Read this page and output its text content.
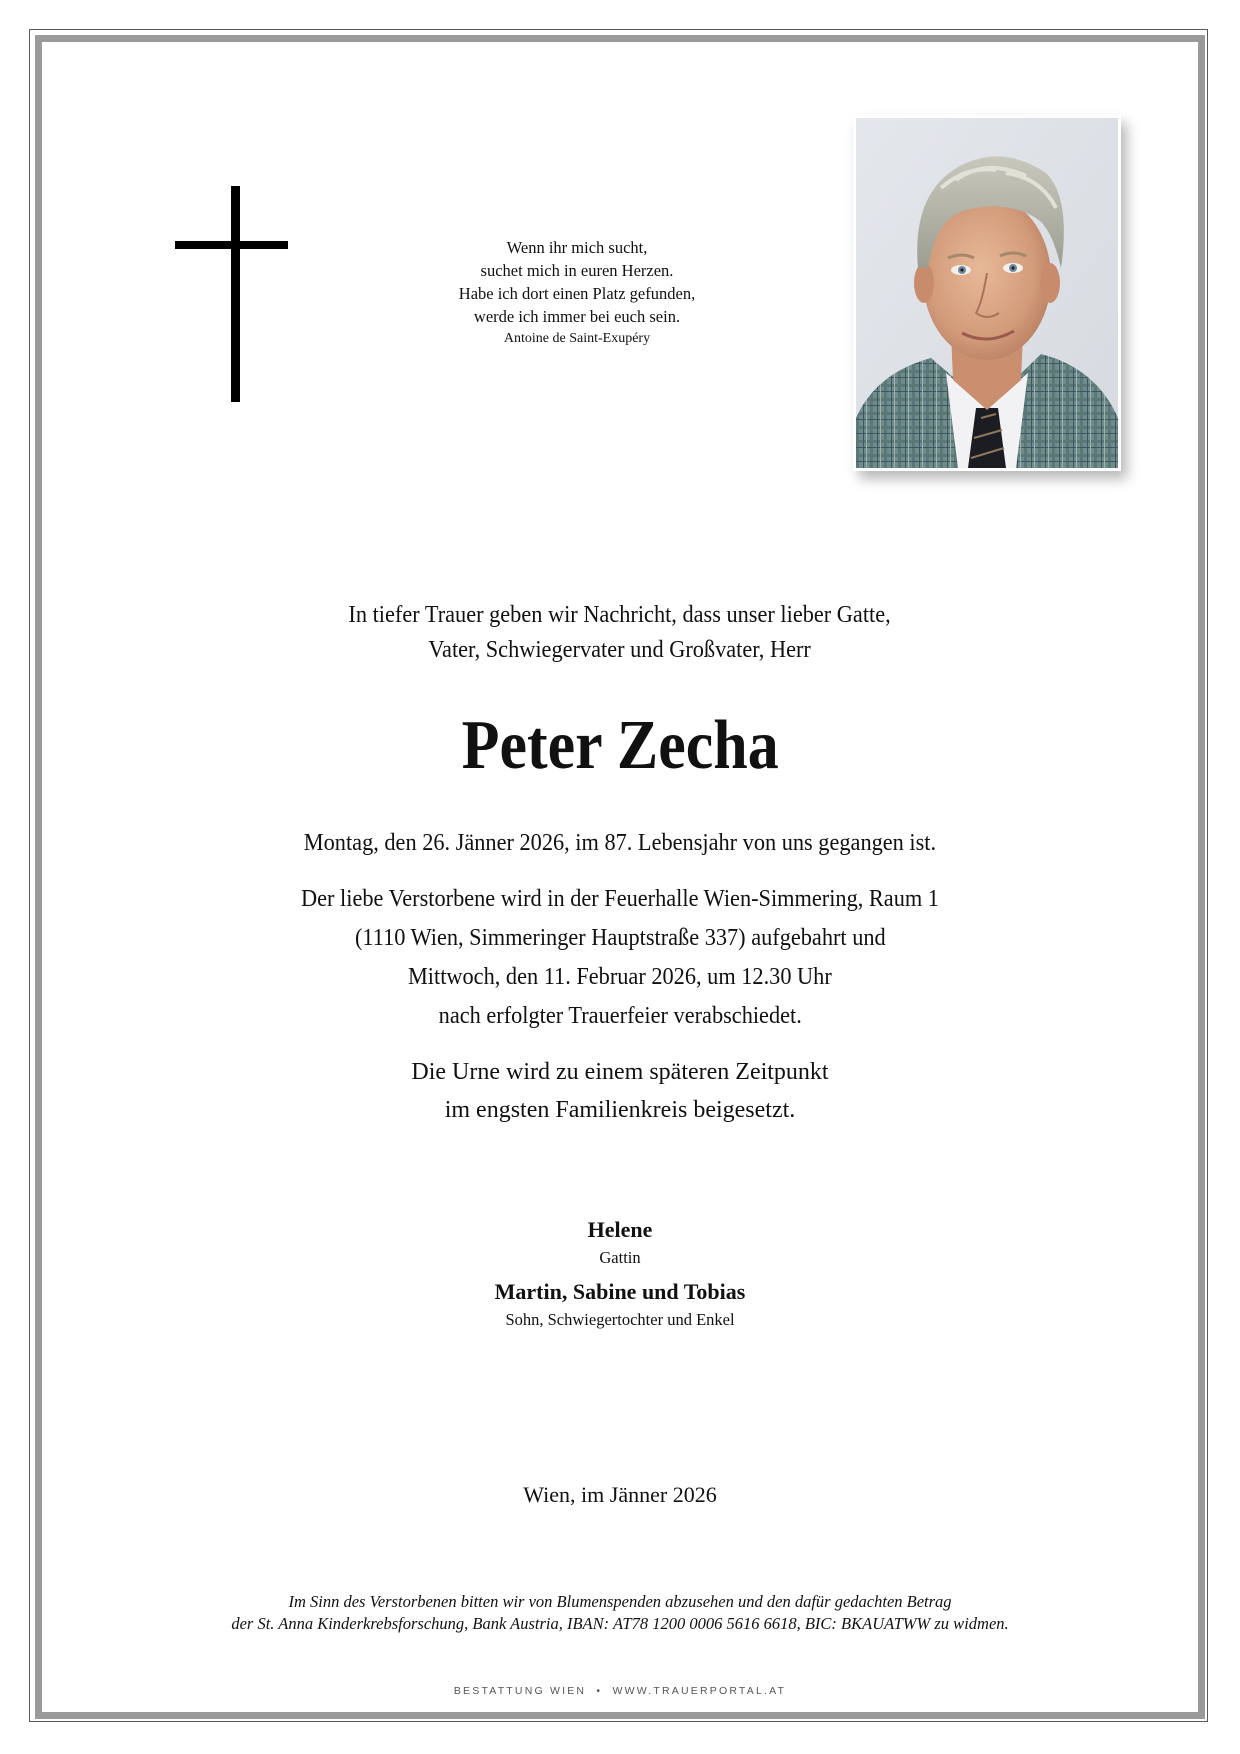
Wenn ihr mich sucht,
suchet mich in euren Herzen.
Habe ich dort einen Platz gefunden,
werde ich immer bei euch sein.
Antoine de Saint-Exupéry
In tiefer Trauer geben wir Nachricht, dass unser lieber Gatte,
Vater, Schwiegervater und Großvater, Herr
Peter Zecha
Montag, den 26. Jänner 2026, im 87. Lebensjahr von uns gegangen ist.
Der liebe Verstorbene wird in der Feuerhalle Wien-Simmering, Raum 1
(1110 Wien, Simmeringer Hauptstraße 337) aufgebahrt und
Mittwoch, den 11. Februar 2026, um 12.30 Uhr
nach erfolgter Trauerfeier verabschiedet.
Die Urne wird zu einem späteren Zeitpunkt
im engsten Familienkreis beigesetzt.
Helene
Gattin
Martin, Sabine und Tobias
Sohn, Schwiegertochter und Enkel
Wien, im Jänner 2026
Im Sinn des Verstorbenen bitten wir von Blumenspenden abzusehen und den dafür gedachten Betrag
der St. Anna Kinderkrebsforschung, Bank Austria, IBAN: AT78 1200 0006 5616 6618, BIC: BKAUATWW zu widmen.
BESTATTUNG WIEN  •  WWW.TRAUERPORTAL.AT
